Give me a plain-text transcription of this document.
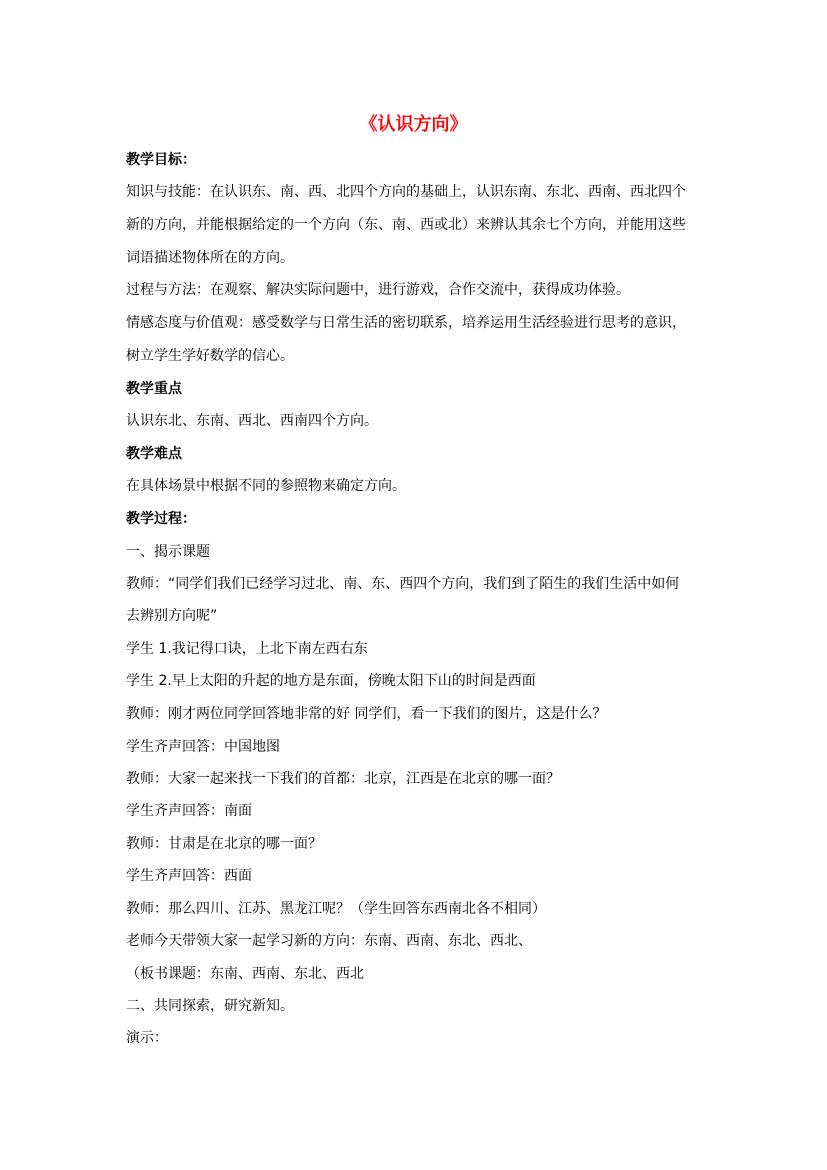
《认识方向》
教学目标：
知识与技能：在认识东、南、西、北四个方向的基础上，认识东南、东北、西南、西北四个
新的方向，并能根据给定的一个方向（东、南、西或北）来辨认其余七个方向，并能用这些
词语描述物体所在的方向。
过程与方法：在观察、解决实际问题中，进行游戏，合作交流中，获得成功体验。
情感态度与价值观：感受数学与日常生活的密切联系，培养运用生活经验进行思考的意识，
树立学生学好数学的信心。
教学重点
认识东北、东南、西北、西南四个方向。
教学难点
在具体场景中根据不同的参照物来确定方向。
教学过程：
一、揭示课题
教师：“同学们我们已经学习过北、南、东、西四个方向，我们到了陌生的我们生活中如何
去辨别方向呢”
学生 1.我记得口诀，上北下南左西右东
学生 2.早上太阳的升起的地方是东面，傍晚太阳下山的时间是西面
教师：刚才两位同学回答地非常的好 同学们，看一下我们的图片，这是什么？
学生齐声回答：中国地图
教师：大家一起来找一下我们的首都：北京，江西是在北京的哪一面？
学生齐声回答：南面
教师：甘肃是在北京的哪一面？
学生齐声回答：西面
教师：那么四川、江苏、黑龙江呢？（学生回答东西南北各不相同）
老师今天带领大家一起学习新的方向：东南、西南、东北、西北、
（板书课题：东南、西南、东北、西北
二、共同探索，研究新知。
演示：
